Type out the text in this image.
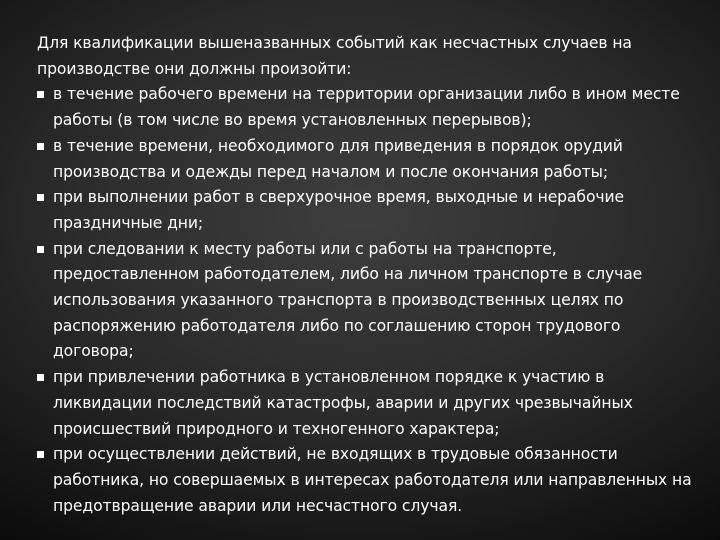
Для квалификации вышеназванных событий как несчастных случаев на производстве они должны произойти:

в течение рабочего времени на территории организации либо в ином месте работы (в том числе во время установленных перерывов);
в течение времени, необходимого для приведения в порядок орудий производства и одежды перед началом и после окончания работы;
при выполнении работ в сверхурочное время, выходные и нерабочие праздничные дни;
при следовании к месту работы или с работы на транспорте, предоставленном работодателем, либо на личном транспорте в случае использования указанного транспорта в производственных целях по распоряжению работодателя либо по соглашению сторон трудового договора;
при привлечении работника в установленном порядке к участию в ликвидации последствий катастрофы, аварии и других чрезвычайных происшествий природного и техногенного характера;
при осуществлении действий, не входящих в трудовые обязанности работника, но совершаемых в интересах работодателя или направленных на предотвращение аварии или несчастного случая.
